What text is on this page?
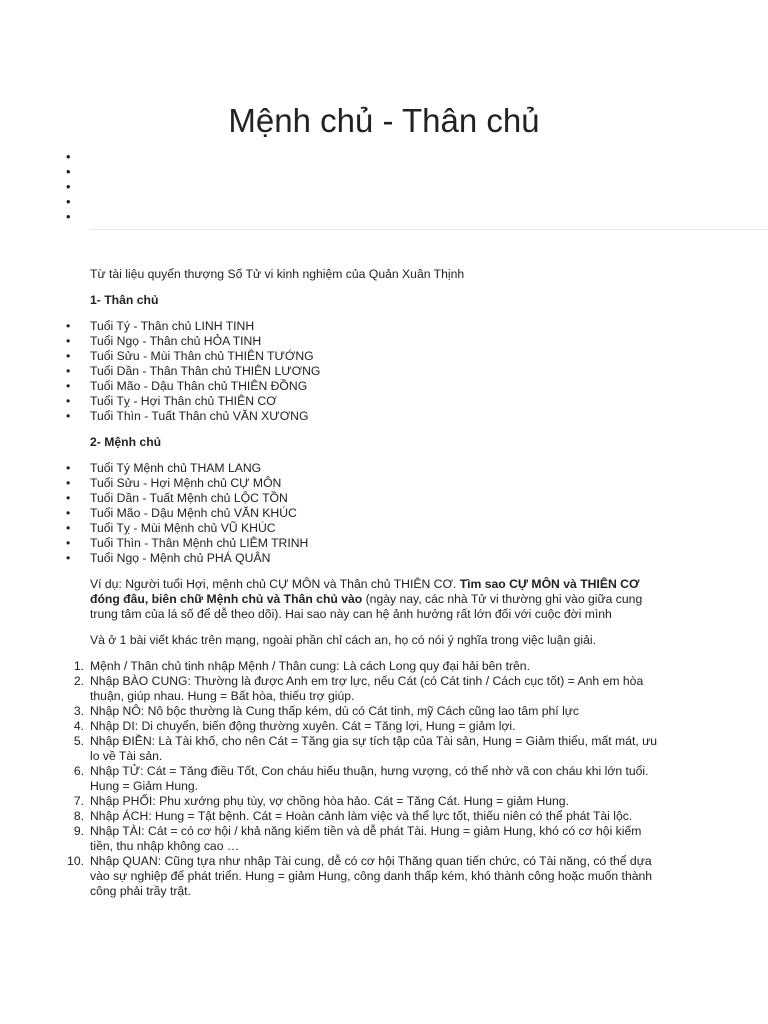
Mệnh chủ - Thân chủ

Từ tài liệu quyển thượng Số Tử vi kinh nghiệm của Quản Xuân Thịnh

1- Thân chủ
• Tuổi Tý - Thân chủ LINH TINH
• Tuổi Ngọ - Thân chủ HỎA TINH
• Tuổi Sửu - Mùi Thân chủ THIÊN TƯỚNG
• Tuổi Dần - Thân Thân chủ THIÊN LƯƠNG
• Tuổi Mão - Dậu Thân chủ THIÊN ĐỒNG
• Tuổi Tỵ - Hợi Thân chủ THIÊN CƠ
• Tuổi Thìn - Tuất Thân chủ VĂN XƯƠNG
2- Mệnh chủ
• Tuổi Tý Mệnh chủ THAM LANG
• Tuổi Sửu - Hợi Mệnh chủ CỰ MÔN
• Tuổi Dần - Tuất Mệnh chủ LỘC TỒN
• Tuổi Mão - Dậu Mệnh chủ VĂN KHÚC
• Tuổi Tỵ - Mùi Mệnh chủ VŨ KHÚC
• Tuổi Thìn - Thân Mệnh chủ LIÊM TRINH
• Tuổi Ngọ - Mệnh chủ PHÁ QUÂN

Ví dụ: Người tuổi Hợi, mệnh chủ CỰ MÔN và Thân chủ THIÊN CƠ. Tìm sao CỰ MÔN và THIÊN CƠ đóng đâu, biên chữ Mệnh chủ và Thân chủ vào (ngày nay, các nhà Tử vi thường ghi vào giữa cung trung tâm của lá số để dễ theo dõi). Hai sao này can hệ ảnh hưởng rất lớn đối với cuộc đời mình

Và ở 1 bài viết khác trên mạng, ngoài phần chỉ cách an, họ có nói ý nghĩa trong việc luận giải.

1. Mệnh / Thân chủ tinh nhập Mệnh / Thân cung: Là cách Long quy đại hải bên trên.
2. Nhập BÀO CUNG: Thường là được Anh em trợ lực, nếu Cát (có Cát tinh / Cách cục tốt) = Anh em hòa thuận, giúp nhau. Hung = Bất hòa, thiếu trợ giúp.
3. Nhập NÔ: Nô bộc thường là Cung thấp kém, dù có Cát tinh, mỹ Cách cũng lao tâm phí lực
4. Nhập DI: Di chuyển, biến động thường xuyên. Cát = Tăng lợi, Hung = giảm lợi.
5. Nhập ĐIỀN: Là Tài khố, cho nên Cát = Tăng gia sự tích tập của Tài sản, Hung = Giảm thiểu, mất mát, ưu lo về Tài sản.
6. Nhập TỬ: Cát = Tăng điều Tốt, Con cháu hiếu thuận, hưng vượng, có thể nhờ vã con cháu khi lớn tuổi. Hung = Giảm Hung.
7. Nhập PHỐI: Phu xướng phụ tùy, vợ chồng hòa hảo. Cát = Tăng Cát. Hung = giảm Hung.
8. Nhập ÁCH: Hung = Tật bệnh. Cát = Hoàn cảnh làm việc và thể lực tốt, thiếu niên có thể phát Tài lộc.
9. Nhập TÀI: Cát = có cơ hội / khả năng kiếm tiền và dễ phát Tài. Hung = giảm Hung, khó có cơ hội kiếm tiền, thu nhập không cao …
10. Nhập QUAN: Cũng tựa như nhập Tài cung, dễ có cơ hội Thăng quan tiến chức, có Tài năng, có thể dựa vào sự nghiệp để phát triển. Hung = giảm Hung, công danh thấp kém, khó thành công hoặc muốn thành công phải trầy trật.
